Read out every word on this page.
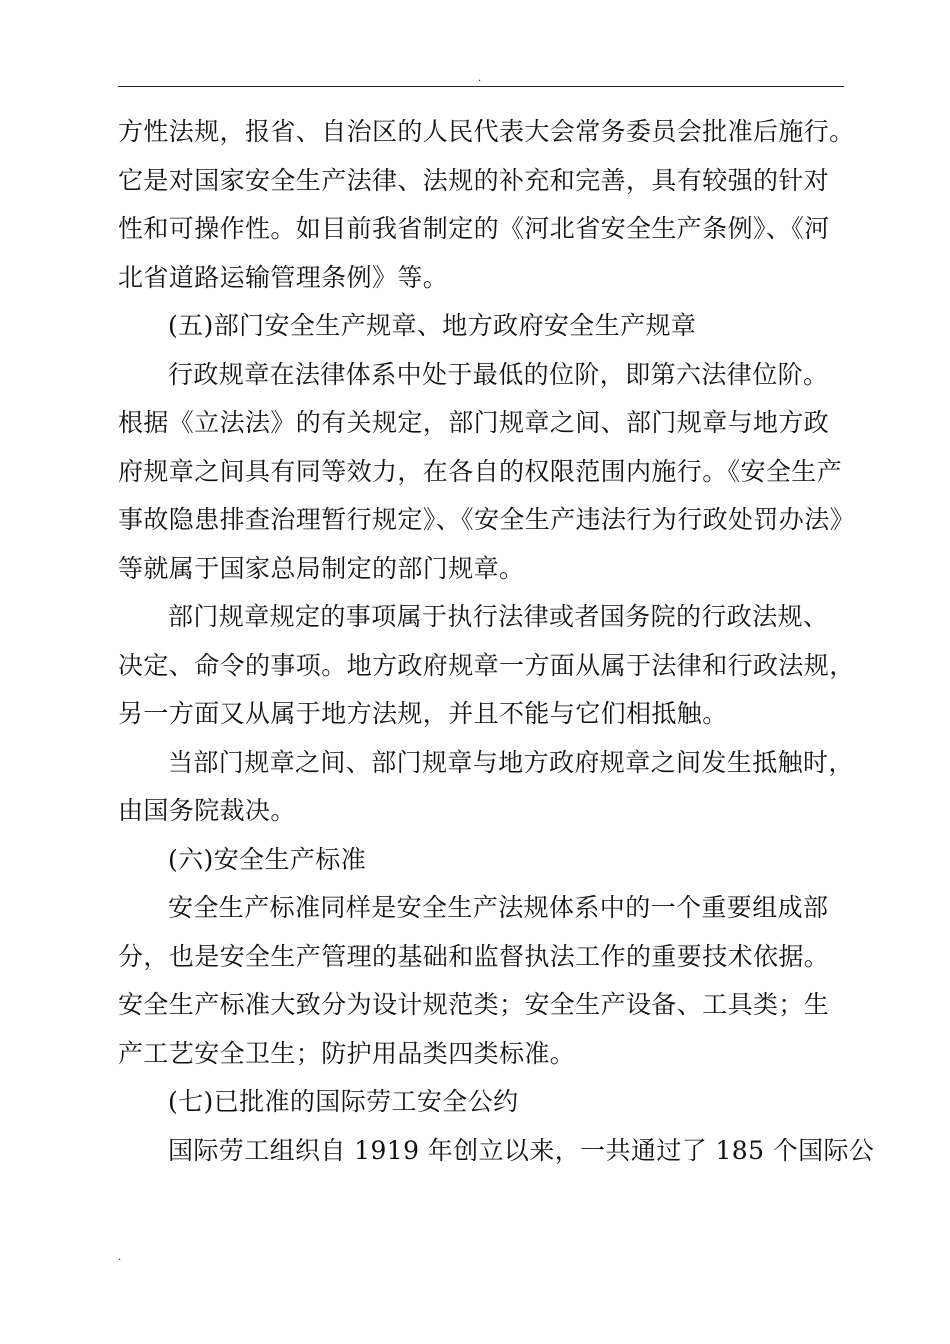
.
方性法规，报省、自治区的人民代表大会常务委员会批准后施行。
它是对国家安全生产法律、法规的补充和完善，具有较强的针对
性和可操作性。如目前我省制定的《河北省安全生产条例》、《河
北省道路运输管理条例》等。
(五)部门安全生产规章、地方政府安全生产规章
行政规章在法律体系中处于最低的位阶，即第六法律位阶。
根据《立法法》的有关规定，部门规章之间、部门规章与地方政
府规章之间具有同等效力，在各自的权限范围内施行。《安全生产
事故隐患排查治理暂行规定》、《安全生产违法行为行政处罚办法》
等就属于国家总局制定的部门规章。
部门规章规定的事项属于执行法律或者国务院的行政法规、
决定、命令的事项。地方政府规章一方面从属于法律和行政法规，
另一方面又从属于地方法规，并且不能与它们相抵触。
当部门规章之间、部门规章与地方政府规章之间发生抵触时，
由国务院裁决。
(六)安全生产标准
安全生产标准同样是安全生产法规体系中的一个重要组成部
分，也是安全生产管理的基础和监督执法工作的重要技术依据。
安全生产标准大致分为设计规范类；安全生产设备、工具类；生
产工艺安全卫生；防护用品类四类标准。
(七)已批准的国际劳工安全公约
国际劳工组织自 1919 年创立以来，一共通过了 185 个国际公
.
